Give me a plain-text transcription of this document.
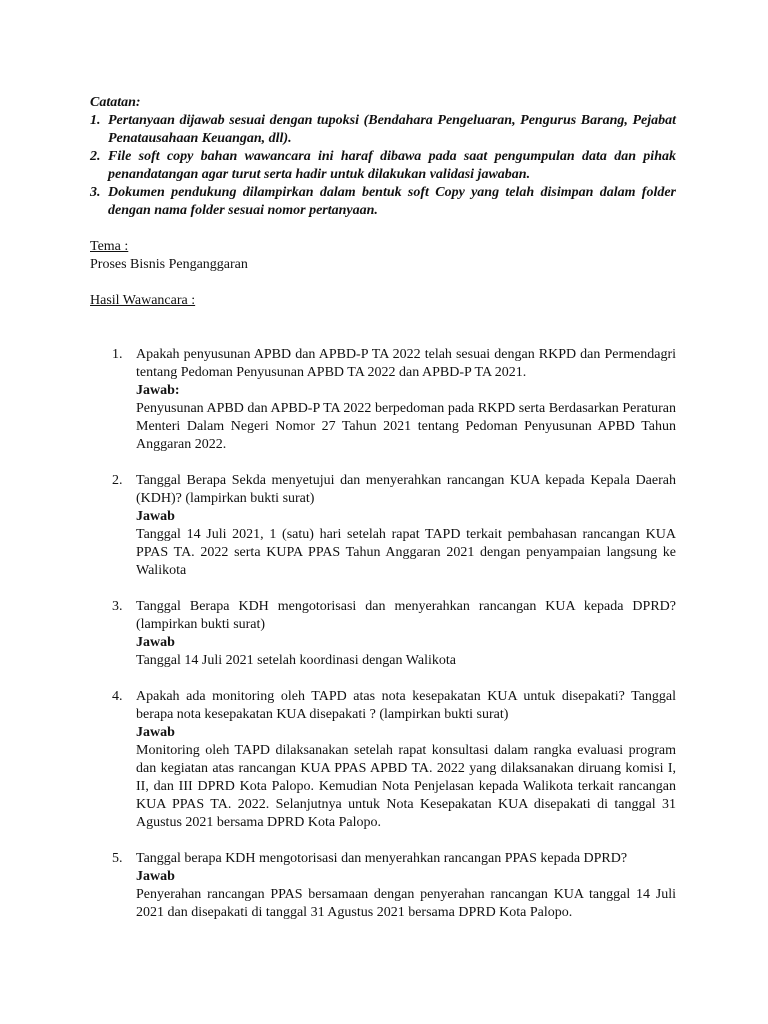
Catatan:
1. Pertanyaan dijawab sesuai dengan tupoksi (Bendahara Pengeluaran, Pengurus Barang, Pejabat Penatausahaan Keuangan, dll).
2. File soft copy bahan wawancara ini haraf dibawa pada saat pengumpulan data dan pihak penandatangan agar turut serta hadir untuk dilakukan validasi jawaban.
3. Dokumen pendukung dilampirkan dalam bentuk soft Copy yang telah disimpan dalam folder dengan nama folder sesuai nomor pertanyaan.
Tema :
Proses Bisnis Penganggaran
Hasil Wawancara :
1. Apakah penyusunan APBD dan APBD-P TA 2022 telah sesuai dengan RKPD dan Permendagri tentang Pedoman Penyusunan APBD TA 2022 dan APBD-P TA 2021.
Jawab:
Penyusunan APBD dan APBD-P TA 2022 berpedoman pada RKPD serta Berdasarkan Peraturan Menteri Dalam Negeri Nomor 27 Tahun 2021 tentang Pedoman Penyusunan APBD Tahun Anggaran 2022.
2. Tanggal Berapa Sekda menyetujui dan menyerahkan rancangan KUA kepada Kepala Daerah (KDH)? (lampirkan bukti surat)
Jawab
Tanggal 14 Juli 2021, 1 (satu) hari setelah rapat TAPD terkait pembahasan rancangan KUA PPAS TA. 2022 serta KUPA PPAS Tahun Anggaran 2021 dengan penyampaian langsung ke Walikota
3. Tanggal Berapa KDH mengotorisasi dan menyerahkan rancangan KUA kepada DPRD? (lampirkan bukti surat)
Jawab
Tanggal 14 Juli 2021 setelah koordinasi dengan Walikota
4. Apakah ada monitoring oleh TAPD atas nota kesepakatan KUA untuk disepakati? Tanggal berapa nota kesepakatan KUA disepakati ? (lampirkan bukti surat)
Jawab
Monitoring oleh TAPD dilaksanakan setelah rapat konsultasi dalam rangka evaluasi program dan kegiatan atas rancangan KUA PPAS APBD TA. 2022 yang dilaksanakan diruang komisi I, II, dan III DPRD Kota Palopo. Kemudian Nota Penjelasan kepada Walikota terkait rancangan KUA PPAS TA. 2022. Selanjutnya untuk Nota Kesepakatan KUA disepakati di tanggal 31 Agustus 2021 bersama DPRD Kota Palopo.
5. Tanggal berapa KDH mengotorisasi dan menyerahkan rancangan PPAS kepada DPRD?
Jawab
Penyerahan rancangan PPAS bersamaan dengan penyerahan rancangan KUA tanggal 14 Juli 2021 dan disepakati di tanggal 31 Agustus 2021 bersama DPRD Kota Palopo.
